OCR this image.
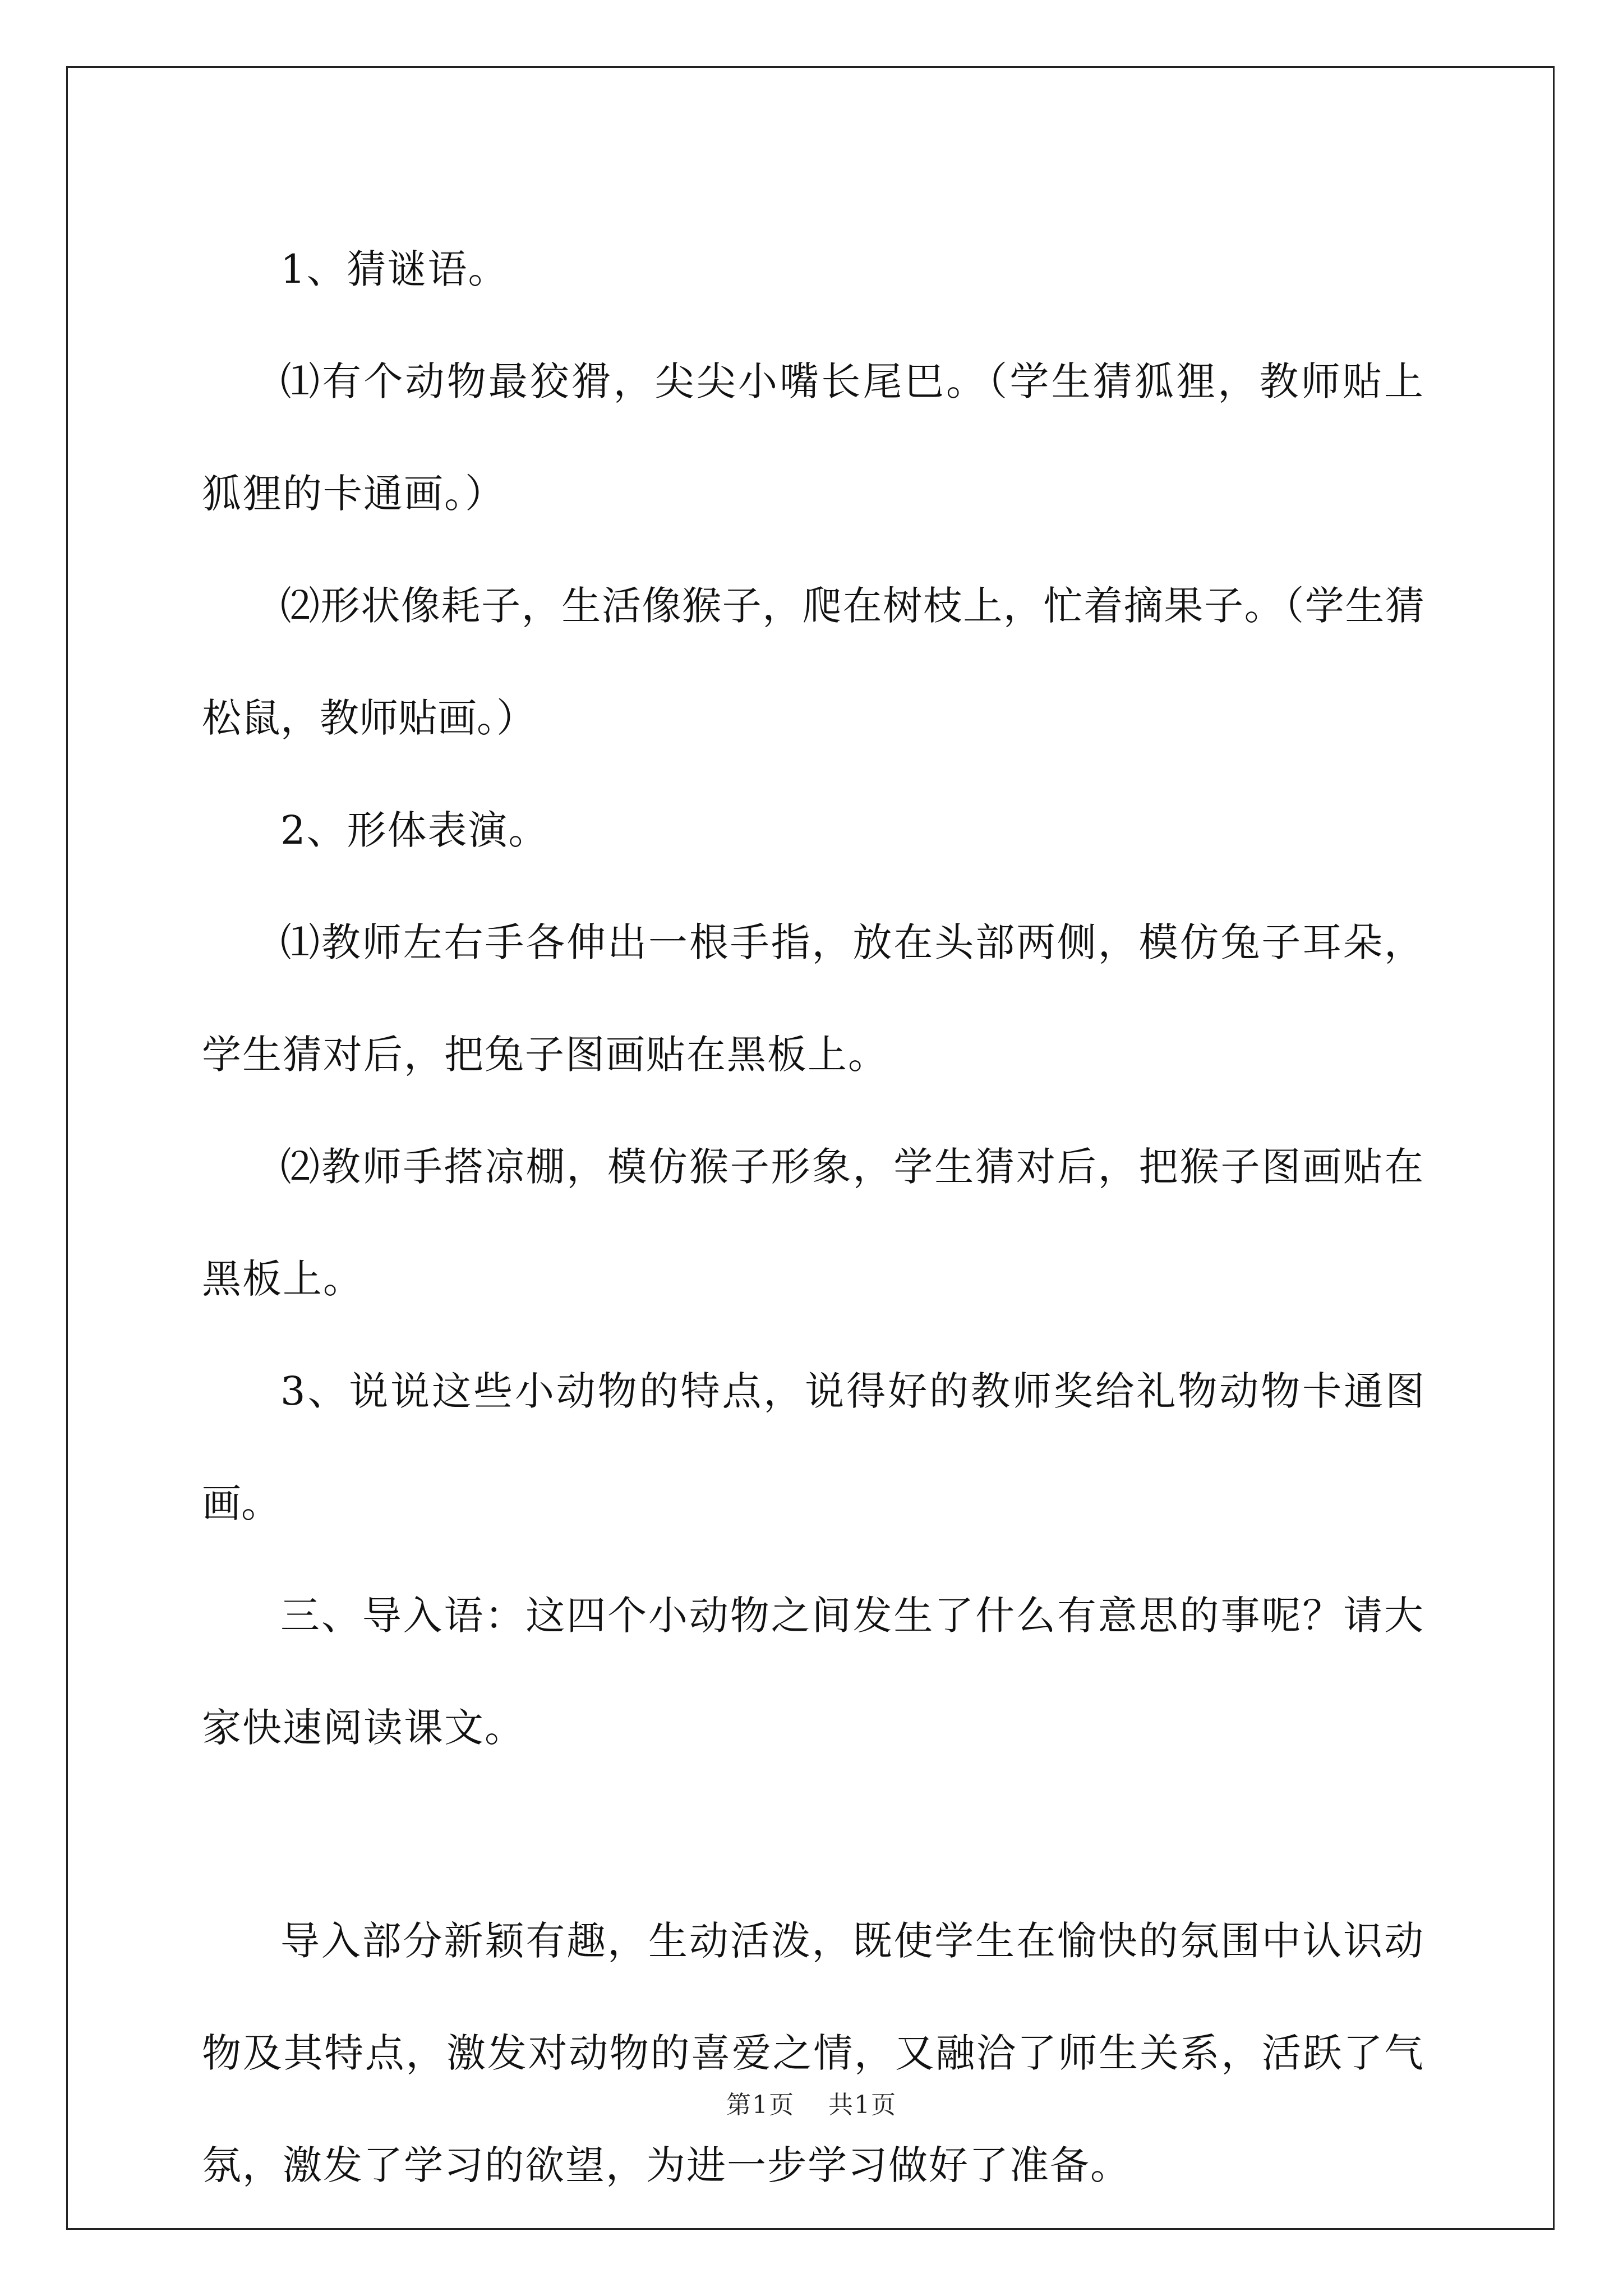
1、猜谜语。

⑴有个动物最狡猾，尖尖小嘴长尾巴。（学生猜狐狸，教师贴上狐狸的卡通画。）

⑵形状像耗子，生活像猴子，爬在树枝上，忙着摘果子。（学生猜松鼠，教师贴画。）

2、形体表演。

⑴教师左右手各伸出一根手指，放在头部两侧，模仿兔子耳朵，学生猜对后，把兔子图画贴在黑板上。

⑵教师手搭凉棚，模仿猴子形象，学生猜对后，把猴子图画贴在黑板上。

3、说说这些小动物的特点，说得好的教师奖给礼物动物卡通图画。

三、导入语：这四个小动物之间发生了什么有意思的事呢？请大家快速阅读课文。

导入部分新颖有趣，生动活泼，既使学生在愉快的氛围中认识动物及其特点，激发对动物的喜爱之情，又融洽了师生关系，活跃了气氛，激发了学习的欲望，为进一步学习做好了准备。

第1页 共1页
